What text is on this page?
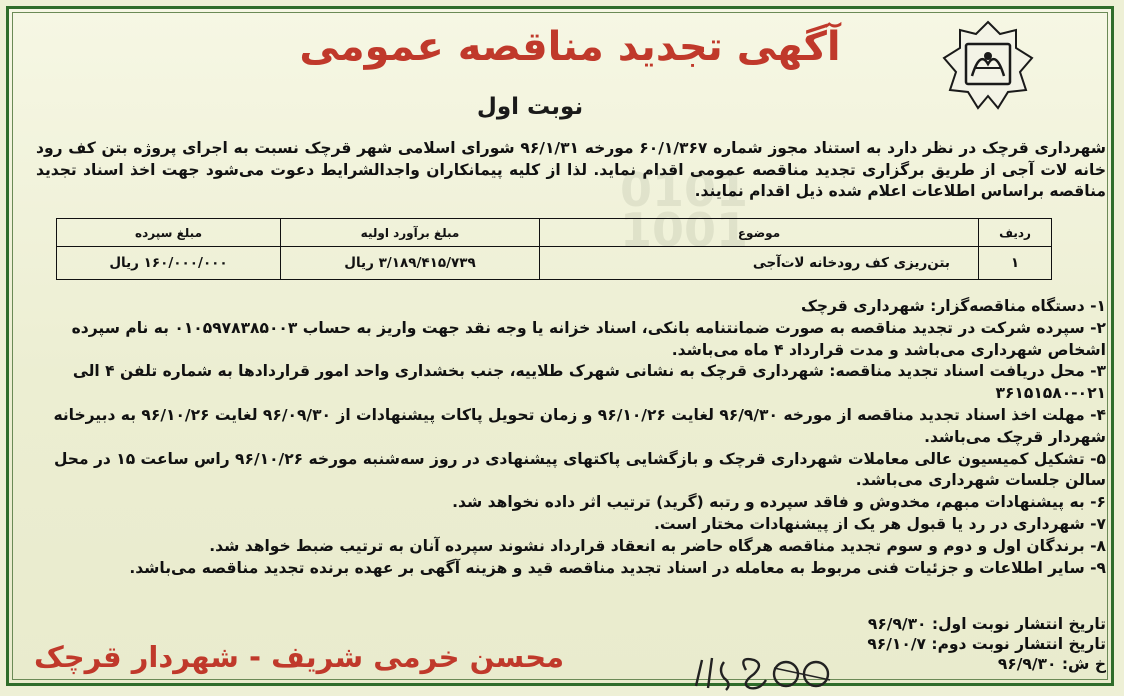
آگهی تجدید مناقصه عمومی
نوبت اول
شهرداری قرچک در نظر دارد به استناد مجوز شماره ۶۰/۱/۳۶۷ مورخه ۹۶/۱/۳۱ شورای اسلامی شهر قرچک نسبت به اجرای پروژه بتن کف رود خانه لات آجی از طریق برگزاری تجدید مناقصه عمومی اقدام نماید. لذا از کلیه پیمانکاران واجدالشرایط دعوت می‌شود جهت اخذ اسناد تجدید مناقصه براساس اطلاعات اعلام شده ذیل اقدام نمایند.
ردیف	موضوع	مبلغ برآورد اولیه	مبلغ سپرده
۱	بتن‌ریزی کف رودخانه لات‌آجی	۳/۱۸۹/۴۱۵/۷۳۹ ریال	۱۶۰/۰۰۰/۰۰۰ ریال

۱- دستگاه مناقصه‌گزار: شهرداری قرچک

۲- سپرده شرکت در تجدید مناقصه به صورت ضمانتنامه بانکی، اسناد خزانه یا وجه نقد جهت واریز به حساب ۰۱۰۵۹۷۸۳۸۵۰۰۳ به نام سپرده اشخاص شهرداری می‌باشد و مدت قرارداد ۴ ماه می‌باشد.

۳- محل دریافت اسناد تجدید مناقصه: شهرداری قرچک به نشانی شهرک طلاییه، جنب بخشداری واحد امور قراردادها به شماره تلفن ۴ الی ۰۲۱-۳۶۱۵۱۵۸۰

۴- مهلت اخذ اسناد تجدید مناقصه از مورخه ۹۶/۹/۳۰ لغایت ۹۶/۱۰/۲۶ و زمان تحویل پاکات پیشنهادات از ۹۶/۰۹/۳۰ لغایت ۹۶/۱۰/۲۶ به دبیرخانه شهردار قرچک می‌باشد.

۵- تشکیل کمیسیون عالی معاملات شهرداری قرچک و بازگشایی پاکتهای پیشنهادی در روز سه‌شنبه مورخه ۹۶/۱۰/۲۶ راس ساعت ۱۵ در محل سالن جلسات شهرداری می‌باشد.

۶- به پیشنهادات مبهم، مخدوش و فاقد سپرده و رتبه (گرید) ترتیب اثر داده نخواهد شد.

۷- شهرداری در رد یا قبول هر یک از پیشنهادات مختار است.

۸- برندگان اول و دوم و سوم تجدید مناقصه هرگاه حاضر به انعقاد قرارداد نشوند سپرده آنان به ترتیب ضبط خواهد شد.

۹- سایر اطلاعات و جزئیات فنی مربوط به معامله در اسناد تجدید مناقصه قید و هزینه آگهی بر عهده برنده تجدید مناقصه می‌باشد.

تاریخ انتشار نوبت اول: ۹۶/۹/۳۰

تاریخ انتشار نوبت دوم: ۹۶/۱۰/۷

خ ش: ۹۶/۹/۳۰

محسن خرمی شریف - شهردار قرچک
